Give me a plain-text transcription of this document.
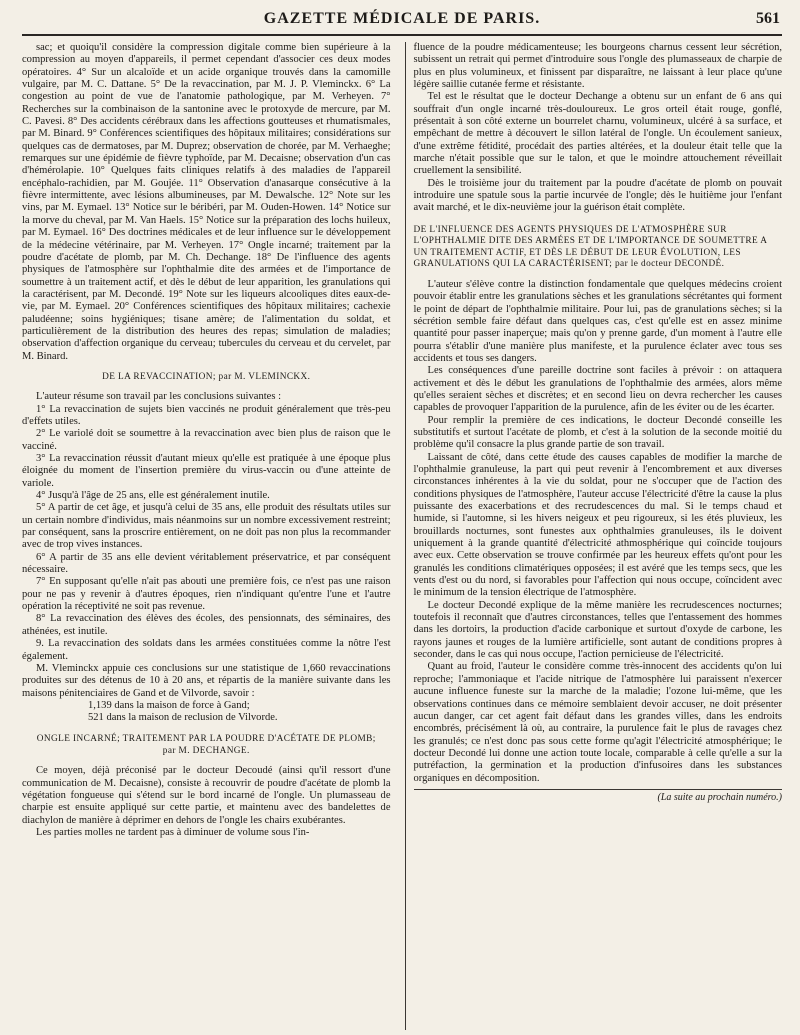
GAZETTE MÉDICALE DE PARIS.	561

sac; et quoiqu'il considère la compression digitale comme bien supérieure à la compression au moyen d'appareils, il permet cependant d'associer ces deux modes opératoires. 4° Sur un alcaloïde et un acide organique trouvés dans la camomille vulgaire, par M. C. Dattane. 5° De la revaccination, par M. J. P. Vleminckx. 6° La congestion au point de vue de l'anatomie pathologique, par M. Verheyen. 7° Recherches sur la combinaison de la santonine avec le protoxyde de mercure, par M. C. Pavesi. 8° Des accidents cérébraux dans les affections goutteuses et rhumatismales, par M. Binard. 9° Conférences scientifiques des hôpitaux militaires; considérations sur quelques cas de dermatoses, par M. Duprez; observation de chorée, par M. Verhaeghe; remarques sur une épidémie de fièvre typhoïde, par M. Decaisne; observation d'un cas d'hémérolapie. 10° Quelques faits cliniques relatifs à des maladies de l'appareil encéphalo-rachidien, par M. Goujée. 11° Observation d'anasarque consécutive à la fièvre intermittente, avec lésions albumineuses, par M. Dewalsche. 12° Note sur les vins, par M. Eymael. 13° Notice sur le béribéri, par M. Ouden-Howen. 14° Notice sur la morve du cheval, par M. Van Haels. 15° Notice sur la préparation des lochs huileux, par M. Eymael. 16° Des doctrines médicales et de leur influence sur le développement de la médecine vétérinaire, par M. Verheyen. 17° Ongle incarné; traitement par la poudre d'acétate de plomb, par M. Ch. Dechange. 18° De l'influence des agents physiques de l'atmosphère sur l'ophthalmie dite des armées et de l'importance de soumettre à un traitement actif, et dès le début de leur apparition, les granulations qui la caractérisent, par M. Decondé. 19° Note sur les liqueurs alcooliques dites eaux-de-vie, par M. Eymael. 20° Conférences scientifiques des hôpitaux militaires; cachexie paludéenne; soins hygiéniques; tisane amère; de l'alimentation du soldat, et particulièrement de la distribution des heures des repas; simulation de maladies; observation d'affection organique du cerveau; tubercules du cerveau et du cervelet, par M. Binard.

DE LA REVACCINATION; par M. VLEMINCKX.

L'auteur résume son travail par les conclusions suivantes :

1° La revaccination de sujets bien vaccinés ne produit généralement que très-peu d'effets utiles.

2° Le variolé doit se soumettre à la revaccination avec bien plus de raison que le vacciné.

3° La revaccination réussit d'autant mieux qu'elle est pratiquée à une époque plus éloignée du moment de l'insertion première du virus-vaccin ou d'une atteinte de variole.

4° Jusqu'à l'âge de 25 ans, elle est généralement inutile.

5° A partir de cet âge, et jusqu'à celui de 35 ans, elle produit des résultats utiles sur un certain nombre d'individus, mais néanmoins sur un nombre excessivement restreint; par conséquent, sans la proscrire entièrement, on ne doit pas non plus la recommander avec de trop vives instances.

6° A partir de 35 ans elle devient véritablement préservatrice, et par conséquent nécessaire.

7° En supposant qu'elle n'ait pas abouti une première fois, ce n'est pas une raison pour ne pas y revenir à d'autres époques, rien n'indiquant qu'entre l'une et l'autre opération la réceptivité ne soit pas revenue.

8° La revaccination des élèves des écoles, des pensionnats, des séminaires, des athénées, est inutile.

9. La revaccination des soldats dans les armées constituées comme la nôtre l'est également.

M. Vleminckx appuie ces conclusions sur une statistique de 1,660 revaccinations produites sur des détenus de 10 à 20 ans, et répartis de la manière suivante dans les maisons pénitenciaires de Gand et de Vilvorde, savoir :

1,139 dans la maison de force à Gand;

521 dans la maison de reclusion de Vilvorde.

ONGLE INCARNÉ; TRAITEMENT PAR LA POUDRE D'ACÉTATE DE PLOMB;
par M. DECHANGE.

Ce moyen, déjà préconisé par le docteur Decoudé (ainsi qu'il ressort d'une communication de M. Decaisne), consiste à recouvrir de poudre d'acétate de plomb la végétation fongueuse qui s'étend sur le bord incarné de l'ongle. Un plumasseau de charpie est ensuite appliqué sur cette partie, et maintenu avec des bandelettes de diachylon de manière à déprimer en dehors de l'ongle les chairs exubérantes.

Les parties molles ne tardent pas à diminuer de volume sous l'in-

fluence de la poudre médicamenteuse; les bourgeons charnus cessent leur sécrétion, subissent un retrait qui permet d'introduire sous l'ongle des plumasseaux de charpie de plus en plus volumineux, et finissent par disparaître, ne laissant à leur place qu'une légère saillie cutanée ferme et résistante.

Tel est le résultat que le docteur Dechange a obtenu sur un enfant de 6 ans qui souffrait d'un ongle incarné très-douloureux. Le gros orteil était rouge, gonflé, présentait à son côté externe un bourrelet charnu, volumineux, ulcéré à sa surface, et empêchant de mettre à découvert le sillon latéral de l'ongle. Un écoulement sanieux, d'une extrême fétidité, procédait des parties altérées, et la douleur était telle que la marche n'était possible que sur le talon, et que le moindre attouchement réveillait cruellement la sensibilité.

Dès le troisième jour du traitement par la poudre d'acétate de plomb on pouvait introduire une spatule sous la partie incurvée de l'ongle; dès le huitième jour l'enfant avait marché, et le dix-neuvième jour la guérison était complète.

DE L'INFLUENCE DES AGENTS PHYSIQUES DE L'ATMOSPHÈRE SUR L'OPHTHALMIE DITE DES ARMÉES ET DE L'IMPORTANCE DE SOUMETTRE A UN TRAITEMENT ACTIF, ET DÈS LE DÉBUT DE LEUR ÉVOLUTION, LES GRANULATIONS QUI LA CARACTÉRISENT; par le docteur DECONDÉ.

L'auteur s'élève contre la distinction fondamentale que quelques médecins croient pouvoir établir entre les granulations sèches et les granulations sécrétantes qui forment le point de départ de l'ophthalmie militaire. Pour lui, pas de granulations sèches; si la sécrétion semble faire défaut dans quelques cas, c'est qu'elle est en assez minime quantité pour passer inaperçue; mais qu'on y prenne garde, d'un moment à l'autre elle pourra s'établir d'une manière plus manifeste, et la purulence éclater avec tous ses accidents et tous ses dangers.

Les conséquences d'une pareille doctrine sont faciles à prévoir : on attaquera activement et dès le début les granulations de l'ophthalmie des armées, alors même qu'elles seraient sèches et discrètes; et en second lieu on devra rechercher les causes capables de provoquer l'apparition de la purulence, afin de les éviter ou de les écarter.

Pour remplir la première de ces indications, le docteur Decondé conseille les substitutifs et surtout l'acétate de plomb, et c'est à la solution de la seconde moitié du problème qu'il consacre la plus grande partie de son travail.

Laissant de côté, dans cette étude des causes capables de modifier la marche de l'ophthalmie granuleuse, la part qui peut revenir à l'encombrement et aux diverses circonstances inhérentes à la vie du soldat, pour ne s'occuper que de l'action des conditions physiques de l'atmosphère, l'auteur accuse l'électricité d'être la cause la plus puissante des exacerbations et des recrudescences du mal. Si le temps chaud et humide, si l'automne, si les hivers neigeux et peu rigoureux, si les étés pluvieux, les brouillards nocturnes, sont funestes aux ophthalmies granuleuses, ils le doivent uniquement à la grande quantité d'électricité athmosphérique qui coïncide toujours avec eux. Cette observation se trouve confirmée par les heureux effets qu'ont pour les granulés les conditions climatériques opposées; il est avéré que les temps secs, que les vents d'est ou du nord, si favorables pour l'affection qui nous occupe, coïncident avec le minimum de la tension électrique de l'atmosphère.

Le docteur Decondé explique de la même manière les recrudescences nocturnes; toutefois il reconnaît que d'autres circonstances, telles que l'entassement des hommes dans les dortoirs, la production d'acide carbonique et surtout d'oxyde de carbone, les rayons jaunes et rouges de la lumière artificielle, sont autant de conditions propres à seconder, dans le cas qui nous occupe, l'action pernicieuse de l'électricité.

Quant au froid, l'auteur le considère comme très-innocent des accidents qu'on lui reproche; l'ammoniaque et l'acide nitrique de l'atmosphère lui paraissent n'exercer aucune influence funeste sur la marche de la maladie; l'ozone lui-même, que les observations continues dans ce mémoire semblaient devoir accuser, ne doit présenter aucun danger, car cet agent fait défaut dans les grandes villes, dans les endroits encombrés, précisément là où, au contraire, la purulence fait le plus de ravages chez les granulés; ce n'est donc pas sous cette forme qu'agit l'électricité atmosphérique; le docteur Decondé lui donne une action toute locale, comparable à celle qu'elle a sur la putréfaction, la germination et la production d'infusoires dans les substances organiques en décomposition.

(La suite au prochain numéro.)
